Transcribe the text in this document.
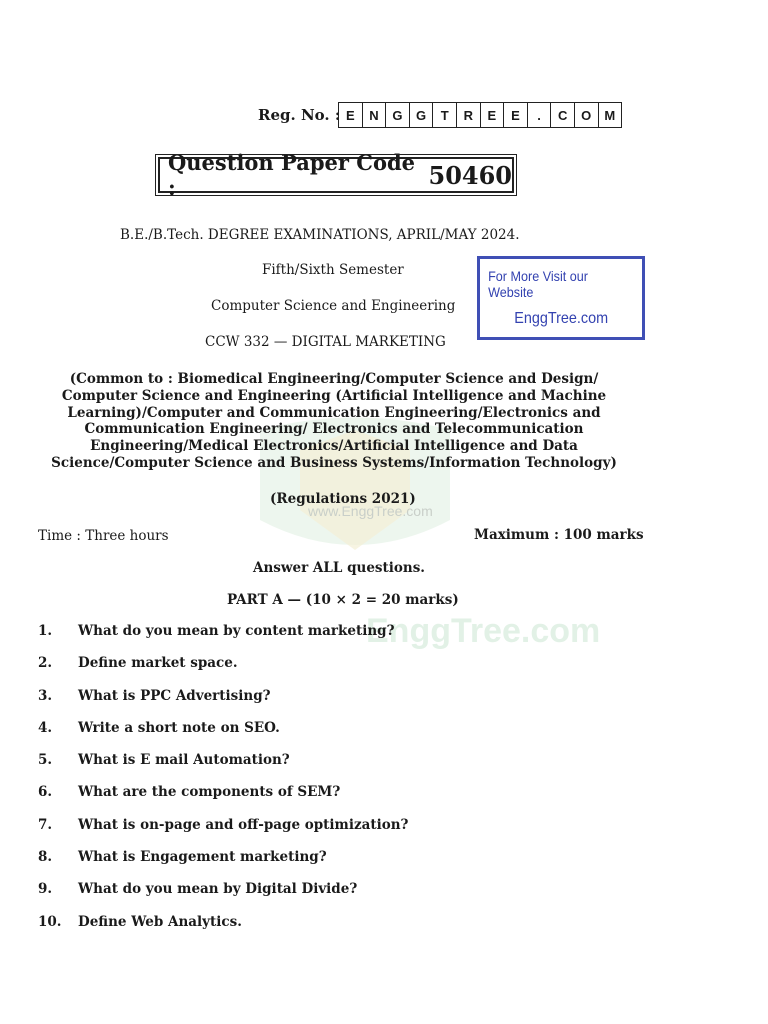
www.EnggTree.com
EnggTree.com
Reg. No. : E	N	G	G	T	R	E	E	.	C	O	M
Question Paper Code :	50460
B.E./B.Tech. DEGREE EXAMINATIONS, APRIL/MAY 2024.
Fifth/Sixth Semester
Computer Science and Engineering
CCW 332 — DIGITAL MARKETING
For More Visit our Website
EnggTree.com
(Common to : Biomedical Engineering/Computer Science and Design/ Computer Science and Engineering (Artificial Intelligence and Machine Learning)/Computer and Communication Engineering/Electronics and Communication Engineering/ Electronics and Telecommunication Engineering/Medical Electronics/Artificial Intelligence and Data Science/Computer Science and Business Systems/Information Technology)
(Regulations 2021)
Time : Three hours	Maximum : 100 marks
Answer ALL questions.
PART A — (10 × 2 = 20 marks)
1.	What do you mean by content marketing?
2.	Define market space.
3.	What is PPC Advertising?
4.	Write a short note on SEO.
5.	What is E mail Automation?
6.	What are the components of SEM?
7.	What is on-page and off-page optimization?
8.	What is Engagement marketing?
9.	What do you mean by Digital Divide?
10.	Define Web Analytics.
